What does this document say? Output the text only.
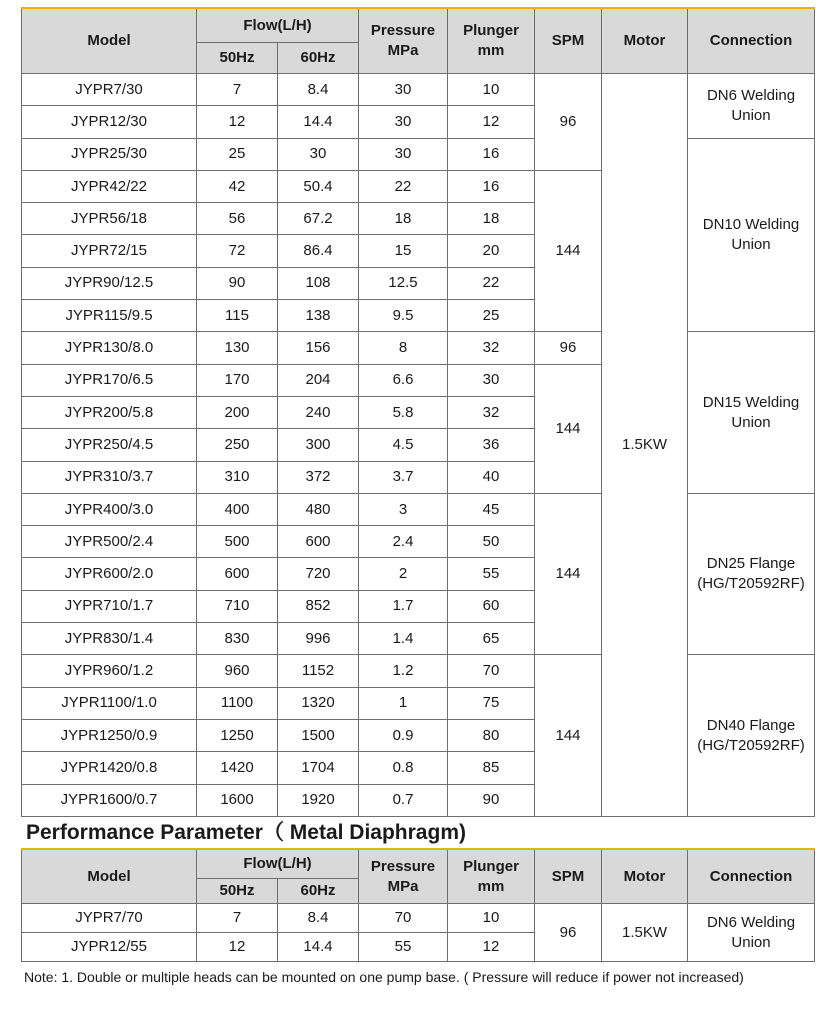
Model	Flow(L/H)		Pressure MPa	Plunger mm	SPM	Motor	Connection
	50Hz	60Hz					
JYPR7/30	7	8.4	30	10	96	1.5KW	DN6 Welding Union
JYPR12/30	12	14.4	30	12			
JYPR25/30	25	30	30	16			DN10 Welding Union
JYPR42/22	42	50.4	22	16	144		
JYPR56/18	56	67.2	18	18			
JYPR72/15	72	86.4	15	20			
JYPR90/12.5	90	108	12.5	22			
JYPR115/9.5	115	138	9.5	25			
JYPR130/8.0	130	156	8	32	96		DN15 Welding Union
JYPR170/6.5	170	204	6.6	30	144		
JYPR200/5.8	200	240	5.8	32			
JYPR250/4.5	250	300	4.5	36			
JYPR310/3.7	310	372	3.7	40			
JYPR400/3.0	400	480	3	45	144		DN25 Flange (HG/T20592RF)
JYPR500/2.4	500	600	2.4	50			
JYPR600/2.0	600	720	2	55			
JYPR710/1.7	710	852	1.7	60			
JYPR830/1.4	830	996	1.4	65			
JYPR960/1.2	960	1152	1.2	70	144		DN40 Flange (HG/T20592RF)
JYPR1100/1.0	1100	1320	1	75			
JYPR1250/0.9	1250	1500	0.9	80			
JYPR1420/0.8	1420	1704	0.8	85			
JYPR1600/0.7	1600	1920	0.7	90			
Performance Parameter（ Metal Diaphragm)
Model	Flow(L/H)		Pressure MPa	Plunger mm	SPM	Motor	Connection
	50Hz	60Hz					
JYPR7/70	7	8.4	70	10	96	1.5KW	DN6 Welding Union
JYPR12/55	12	14.4	55	12			

Note: 1. Double or multiple heads can be mounted on one pump base. ( Pressure will reduce if power not increased)
